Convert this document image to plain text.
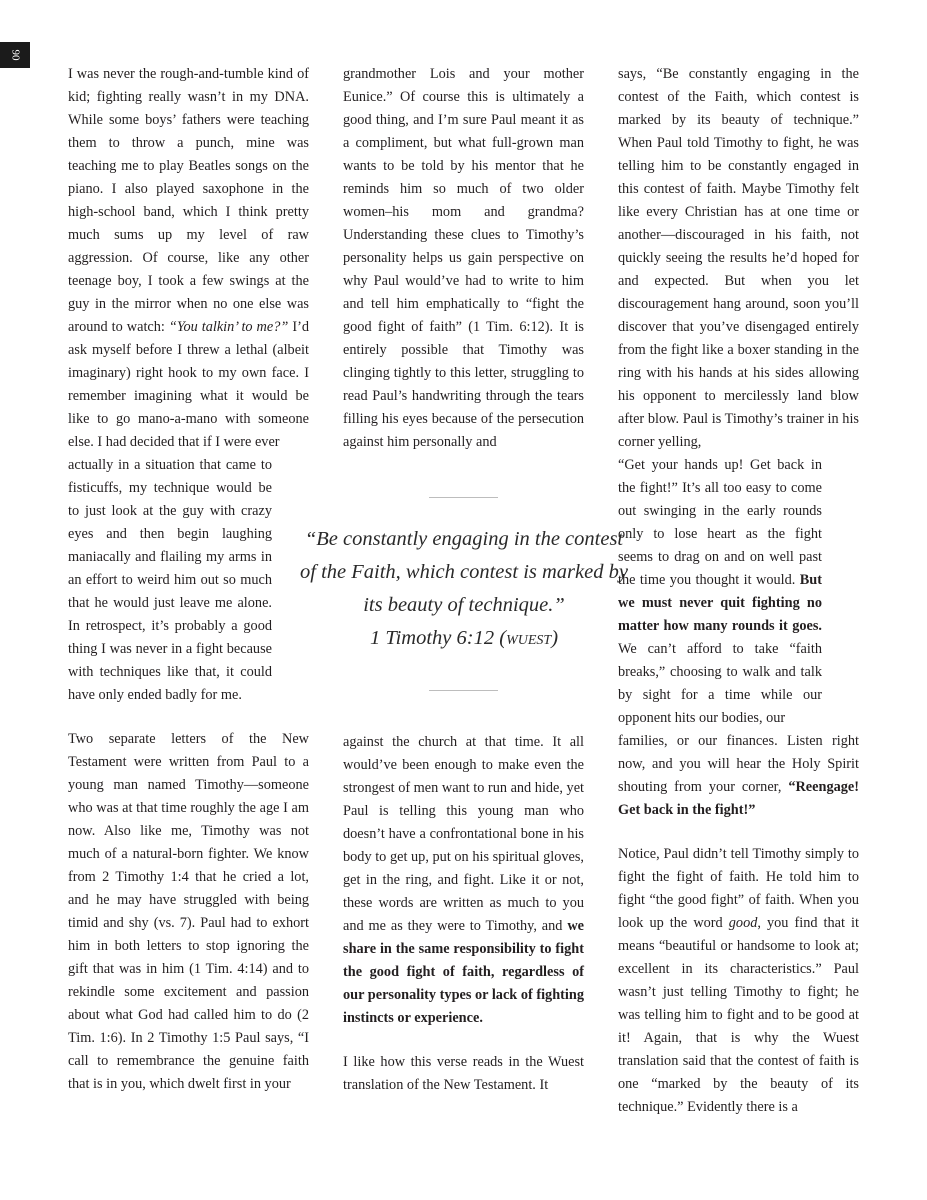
90

I was never the rough-and-tumble kind of kid; fighting really wasn’t in my DNA. While some boys’ fathers were teaching them to throw a punch, mine was teaching me to play Beatles songs on the piano. I also played saxophone in the high-school band, which I think pretty much sums up my level of raw aggression. Of course, like any other teenage boy, I took a few swings at the guy in the mirror when no one else was around to watch: “You talkin’ to me?” I’d ask myself before I threw a lethal (albeit imaginary) right hook to my own face. I remember imagining what it would be like to go mano-a-mano with someone else. I had decided that if I were ever

actually in a situation that came to fisticuffs, my technique would be to just look at the guy with crazy eyes and then begin laughing maniacally and flailing my arms in an effort to weird him out so much that he would just leave me alone. In retrospect, it’s probably a good thing I was never in a fight because with techniques like that, it could have only ended badly for me.

Two separate letters of the New Testament were written from Paul to a young man named Timothy—someone who was at that time roughly the age I am now. Also like me, Timothy was not much of a natural-born fighter. We know from 2 Timothy 1:4 that he cried a lot, and he may have struggled with being timid and shy (vs. 7). Paul had to exhort him in both letters to stop ignoring the gift that was in him (1 Tim. 4:14) and to rekindle some excitement and passion about what God had called him to do (2 Tim. 1:6). In 2 Timothy 1:5 Paul says, “I call to remembrance the genuine faith that is in you, which dwelt first in your

grandmother Lois and your mother Eunice.” Of course this is ultimately a good thing, and I’m sure Paul meant it as a compliment, but what full-grown man wants to be told by his mentor that he reminds him so much of two older women–his mom and grandma? Understanding these clues to Timothy’s personality helps us gain perspective on why Paul would’ve had to write to him and tell him emphatically to “fight the good fight of faith” (1 Tim. 6:12). It is entirely possible that Timothy was clinging tightly to this letter, struggling to read Paul’s handwriting through the tears filling his eyes because of the persecution against him personally and

“Be constantly engaging in the contest of the Faith, which contest is marked by its beauty of technique.”
1 Timothy 6:12 (wuest)

against the church at that time. It all would’ve been enough to make even the strongest of men want to run and hide, yet Paul is telling this young man who doesn’t have a confrontational bone in his body to get up, put on his spiritual gloves, get in the ring, and fight. Like it or not, these words are written as much to you and me as they were to Timothy, and we share in the same responsibility to fight the good fight of faith, regardless of our personality types or lack of fighting instincts or experience.

I like how this verse reads in the Wuest translation of the New Testament. It

says, “Be constantly engaging in the contest of the Faith, which contest is marked by its beauty of technique.” When Paul told Timothy to fight, he was telling him to be constantly engaged in this contest of faith. Maybe Timothy felt like every Christian has at one time or another—discouraged in his faith, not quickly seeing the results he’d hoped for and expected. But when you let discouragement hang around, soon you’ll discover that you’ve disengaged entirely from the fight like a boxer standing in the ring with his hands at his sides allowing his opponent to mercilessly land blow after blow. Paul is Timothy’s trainer in his corner yelling,

“Get your hands up! Get back in the fight!” It’s all too easy to come out swinging in the early rounds only to lose heart as the fight seems to drag on and on well past the time you thought it would. But we must never quit fighting no matter how many rounds it goes. We can’t afford to take “faith breaks,” choosing to walk and talk by sight for a time while our opponent hits our bodies, our

families, or our finances. Listen right now, and you will hear the Holy Spirit shouting from your corner, “Reengage! Get back in the fight!”

Notice, Paul didn’t tell Timothy simply to fight the fight of faith. He told him to fight “the good fight” of faith. When you look up the word good, you find that it means “beautiful or handsome to look at; excellent in its characteristics.” Paul wasn’t just telling Timothy to fight; he was telling him to fight and to be good at it! Again, that is why the Wuest translation said that the contest of faith is one “marked by the beauty of its technique.” Evidently there is a
